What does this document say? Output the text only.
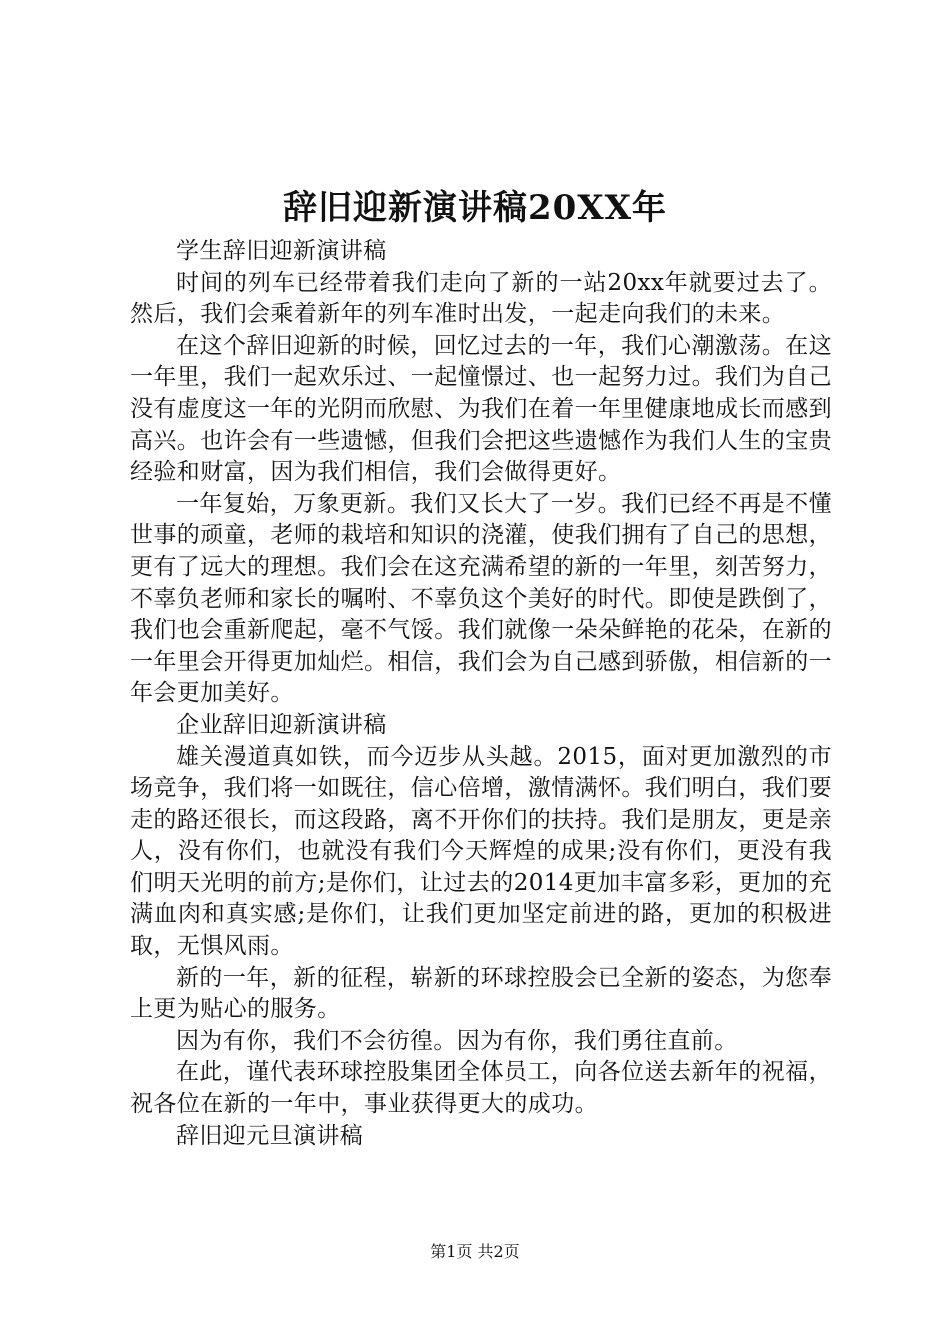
辞旧迎新演讲稿20XX年

学生辞旧迎新演讲稿

时间的列车已经带着我们走向了新的一站20xx年就要过去了。然后，我们会乘着新年的列车准时出发，一起走向我们的未来。

在这个辞旧迎新的时候，回忆过去的一年，我们心潮激荡。在这一年里，我们一起欢乐过、一起憧憬过、也一起努力过。我们为自己没有虚度这一年的光阴而欣慰、为我们在着一年里健康地成长而感到高兴。也许会有一些遗憾，但我们会把这些遗憾作为我们人生的宝贵经验和财富，因为我们相信，我们会做得更好。

一年复始，万象更新。我们又长大了一岁。我们已经不再是不懂世事的顽童，老师的栽培和知识的浇灌，使我们拥有了自己的思想，更有了远大的理想。我们会在这充满希望的新的一年里，刻苦努力，不辜负老师和家长的嘱咐、不辜负这个美好的时代。即使是跌倒了，我们也会重新爬起，毫不气馁。我们就像一朵朵鲜艳的花朵，在新的一年里会开得更加灿烂。相信，我们会为自己感到骄傲，相信新的一年会更加美好。

企业辞旧迎新演讲稿

雄关漫道真如铁，而今迈步从头越。2015，面对更加激烈的市场竞争，我们将一如既往，信心倍增，激情满怀。我们明白，我们要走的路还很长，而这段路，离不开你们的扶持。我们是朋友，更是亲人，没有你们，也就没有我们今天辉煌的成果;没有你们，更没有我们明天光明的前方;是你们，让过去的2014更加丰富多彩，更加的充满血肉和真实感;是你们，让我们更加坚定前进的路，更加的积极进取，无惧风雨。

新的一年，新的征程，崭新的环球控股会已全新的姿态，为您奉上更为贴心的服务。

因为有你，我们不会彷徨。因为有你，我们勇往直前。

在此，谨代表环球控股集团全体员工，向各位送去新年的祝福，祝各位在新的一年中，事业获得更大的成功。

辞旧迎元旦演讲稿

第1页 共2页
